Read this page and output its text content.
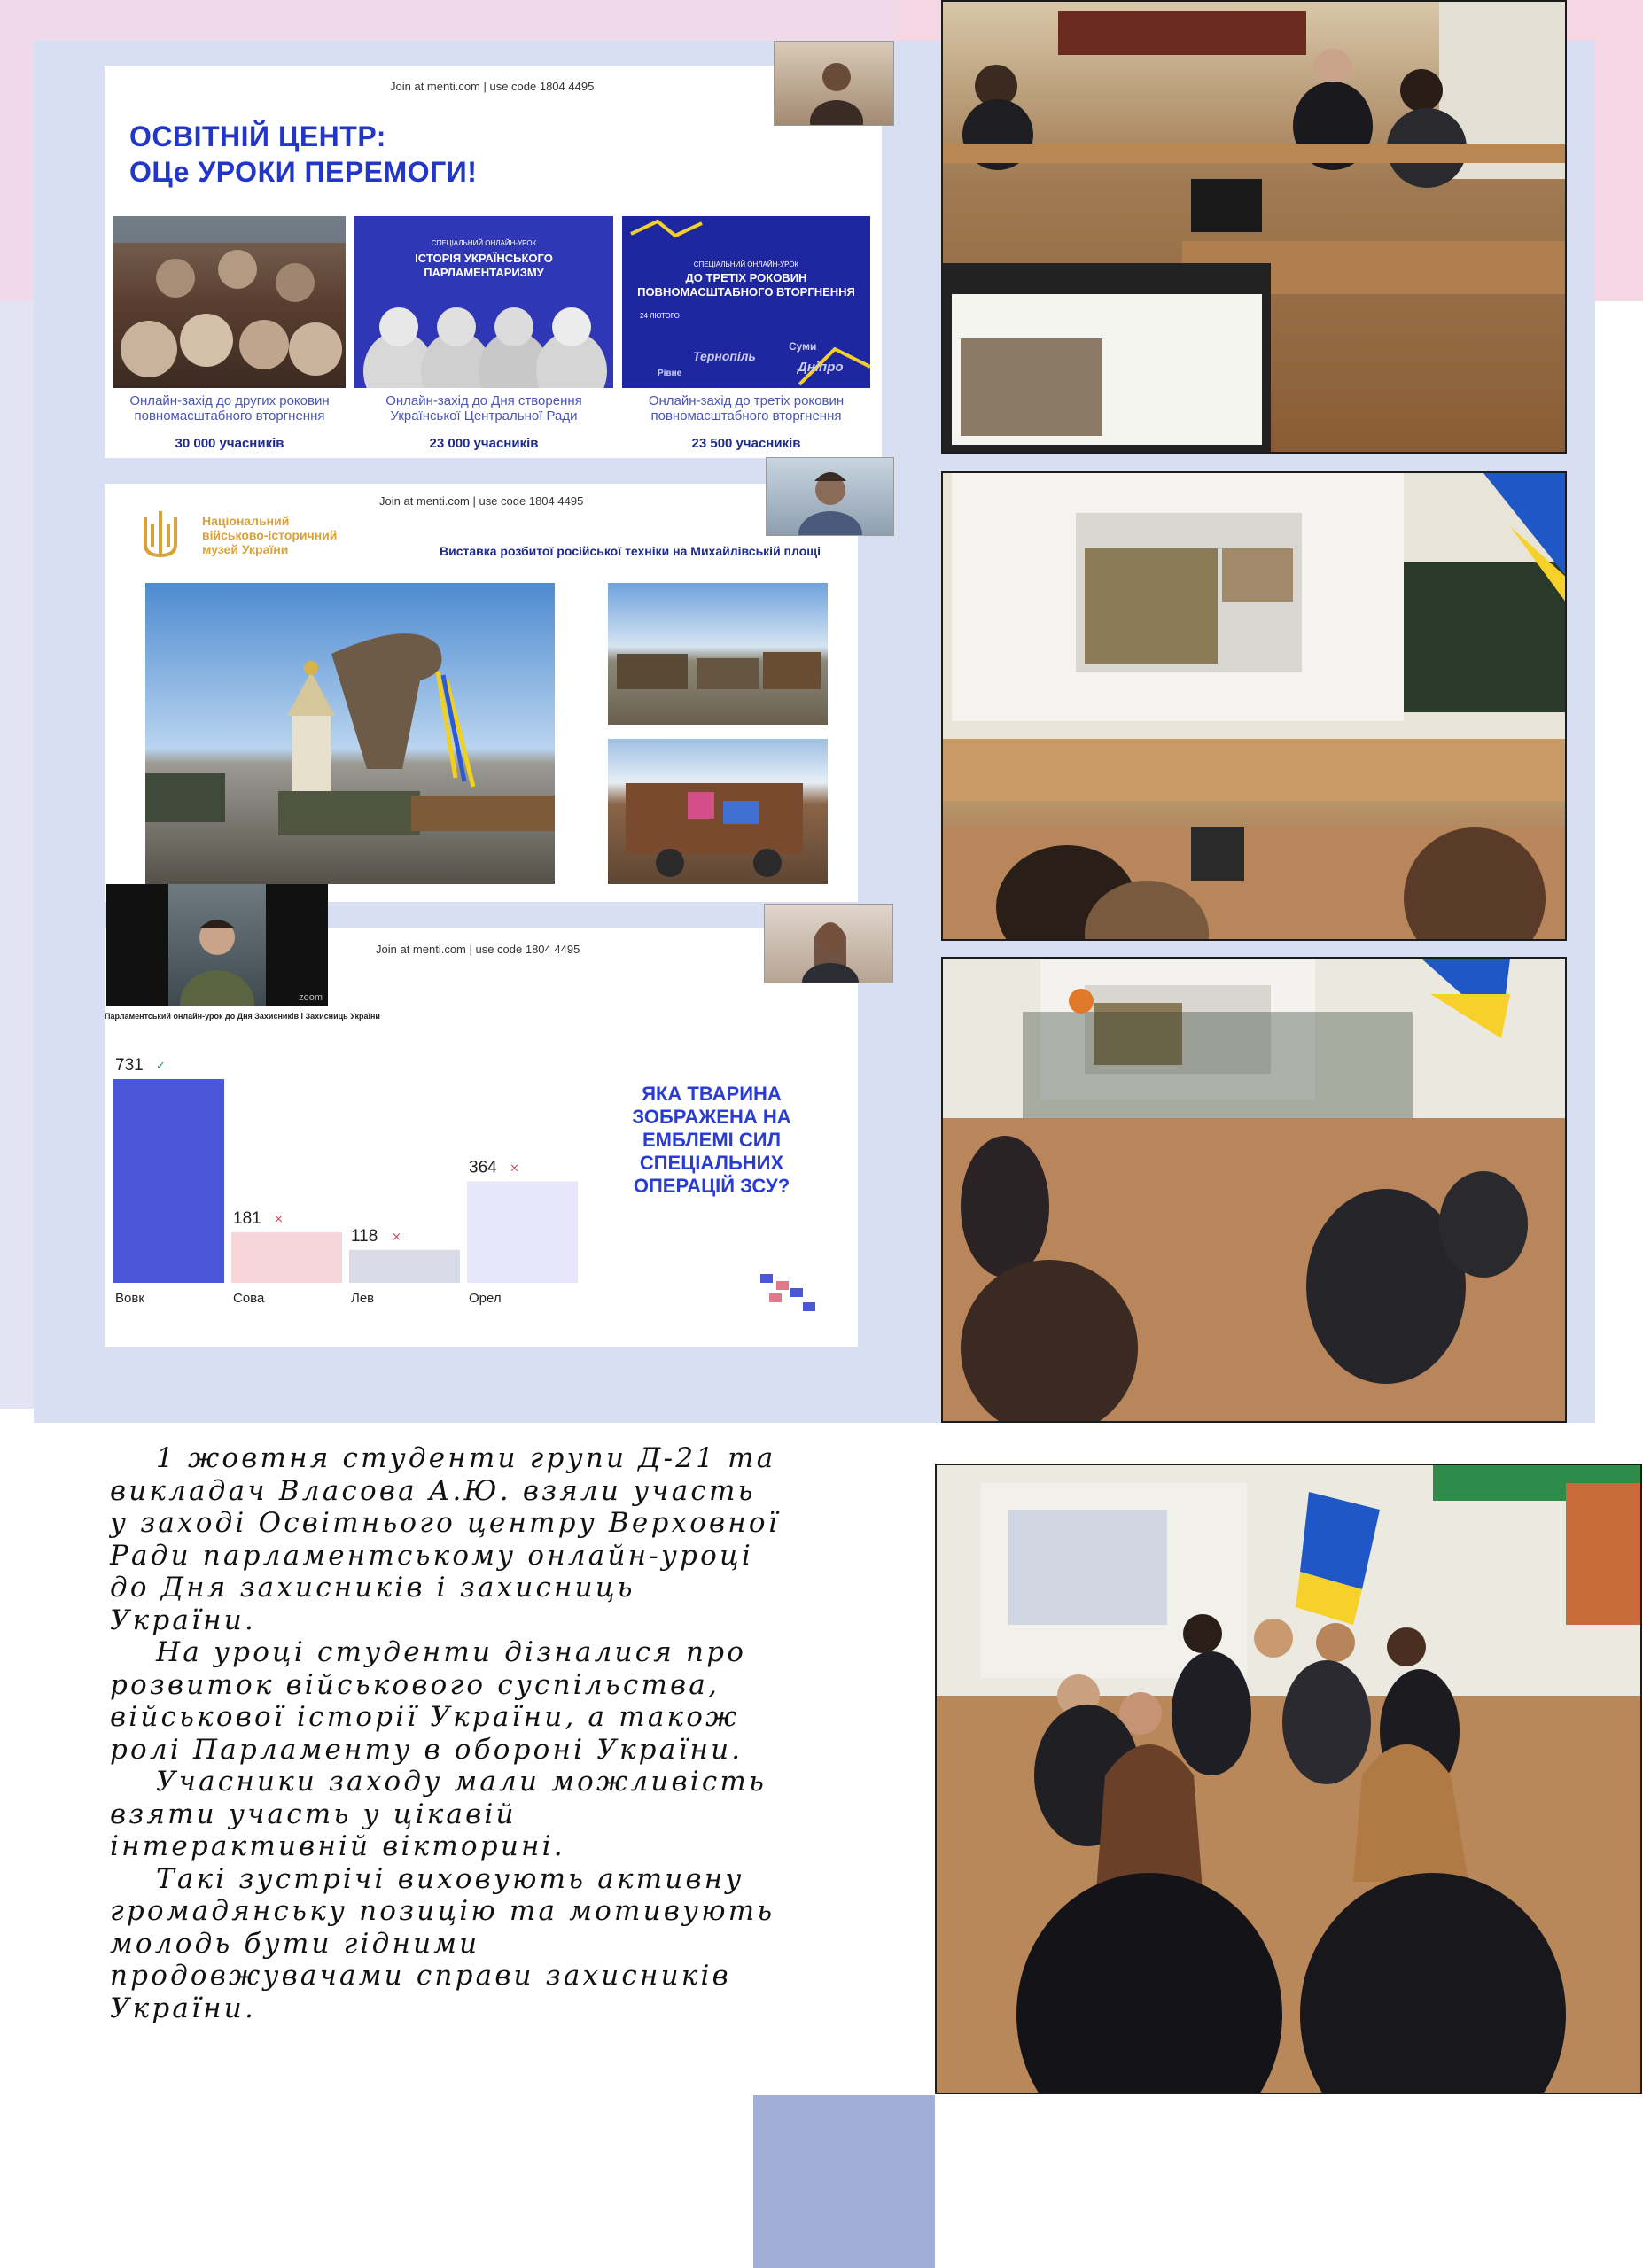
Join at menti.com | use code 1804 4495
ОСВІТНІЙ ЦЕНТР:
ОЦе УРОКИ ПЕРЕМОГИ!
Онлайн-захід до других роковин
повномасштабного вторгнення
30 000 учасників
СПЕЦІАЛЬНИЙ ОНЛАЙН-УРОК
ІСТОРІЯ УКРАЇНСЬКОГО ПАРЛАМЕНТАРИЗМУ
Онлайн-захід до Дня створення
Української Центральної Ради
23 000 учасників
СПЕЦІАЛЬНИЙ ОНЛАЙН-УРОК
ДО ТРЕТІХ РОКОВИН ПОВНОМАСШТАБНОГО ВТОРГНЕННЯ
24 ЛЮТОГО
Тернопіль
Суми
Рівне	Дніпро
Онлайн-захід до третіх роковин
повномасштабного вторгнення
23 500 учасників
Join at menti.com | use code 1804 4495
Національний
військово-історичний
музей України	Виставка розбитої російської техніки на Михайлівській площі
Join at menti.com | use code 1804 4495
Парламентський онлайн-урок до Дня Захисників і Захисниць України
731 ✓
Вовк
181 ×
Сова
118 ×
Лев
364 ×
Орел
ЯКА ТВАРИНА
ЗОБРАЖЕНА НА
ЕМБЛЕМІ СИЛ
СПЕЦІАЛЬНИХ
ОПЕРАЦІЙ ЗСУ?
zoom

1 жовтня студенти групи Д-21 та викладач Власова А.Ю. взяли участь у заході Освітнього центру Верховної Ради парламентському онлайн-уроці до Дня захисників і захисниць України.

На уроці студенти дізналися про розвиток військового суспільства, військової історії України, а також ролі Парламенту в обороні України.

Учасники заходу мали можливість взяти участь у цікавій інтерактивній вікторині.

Такі зустрічі виховують активну громадянську позицію та мотивують молодь бути гідними продовжувачами справи захисників України.
